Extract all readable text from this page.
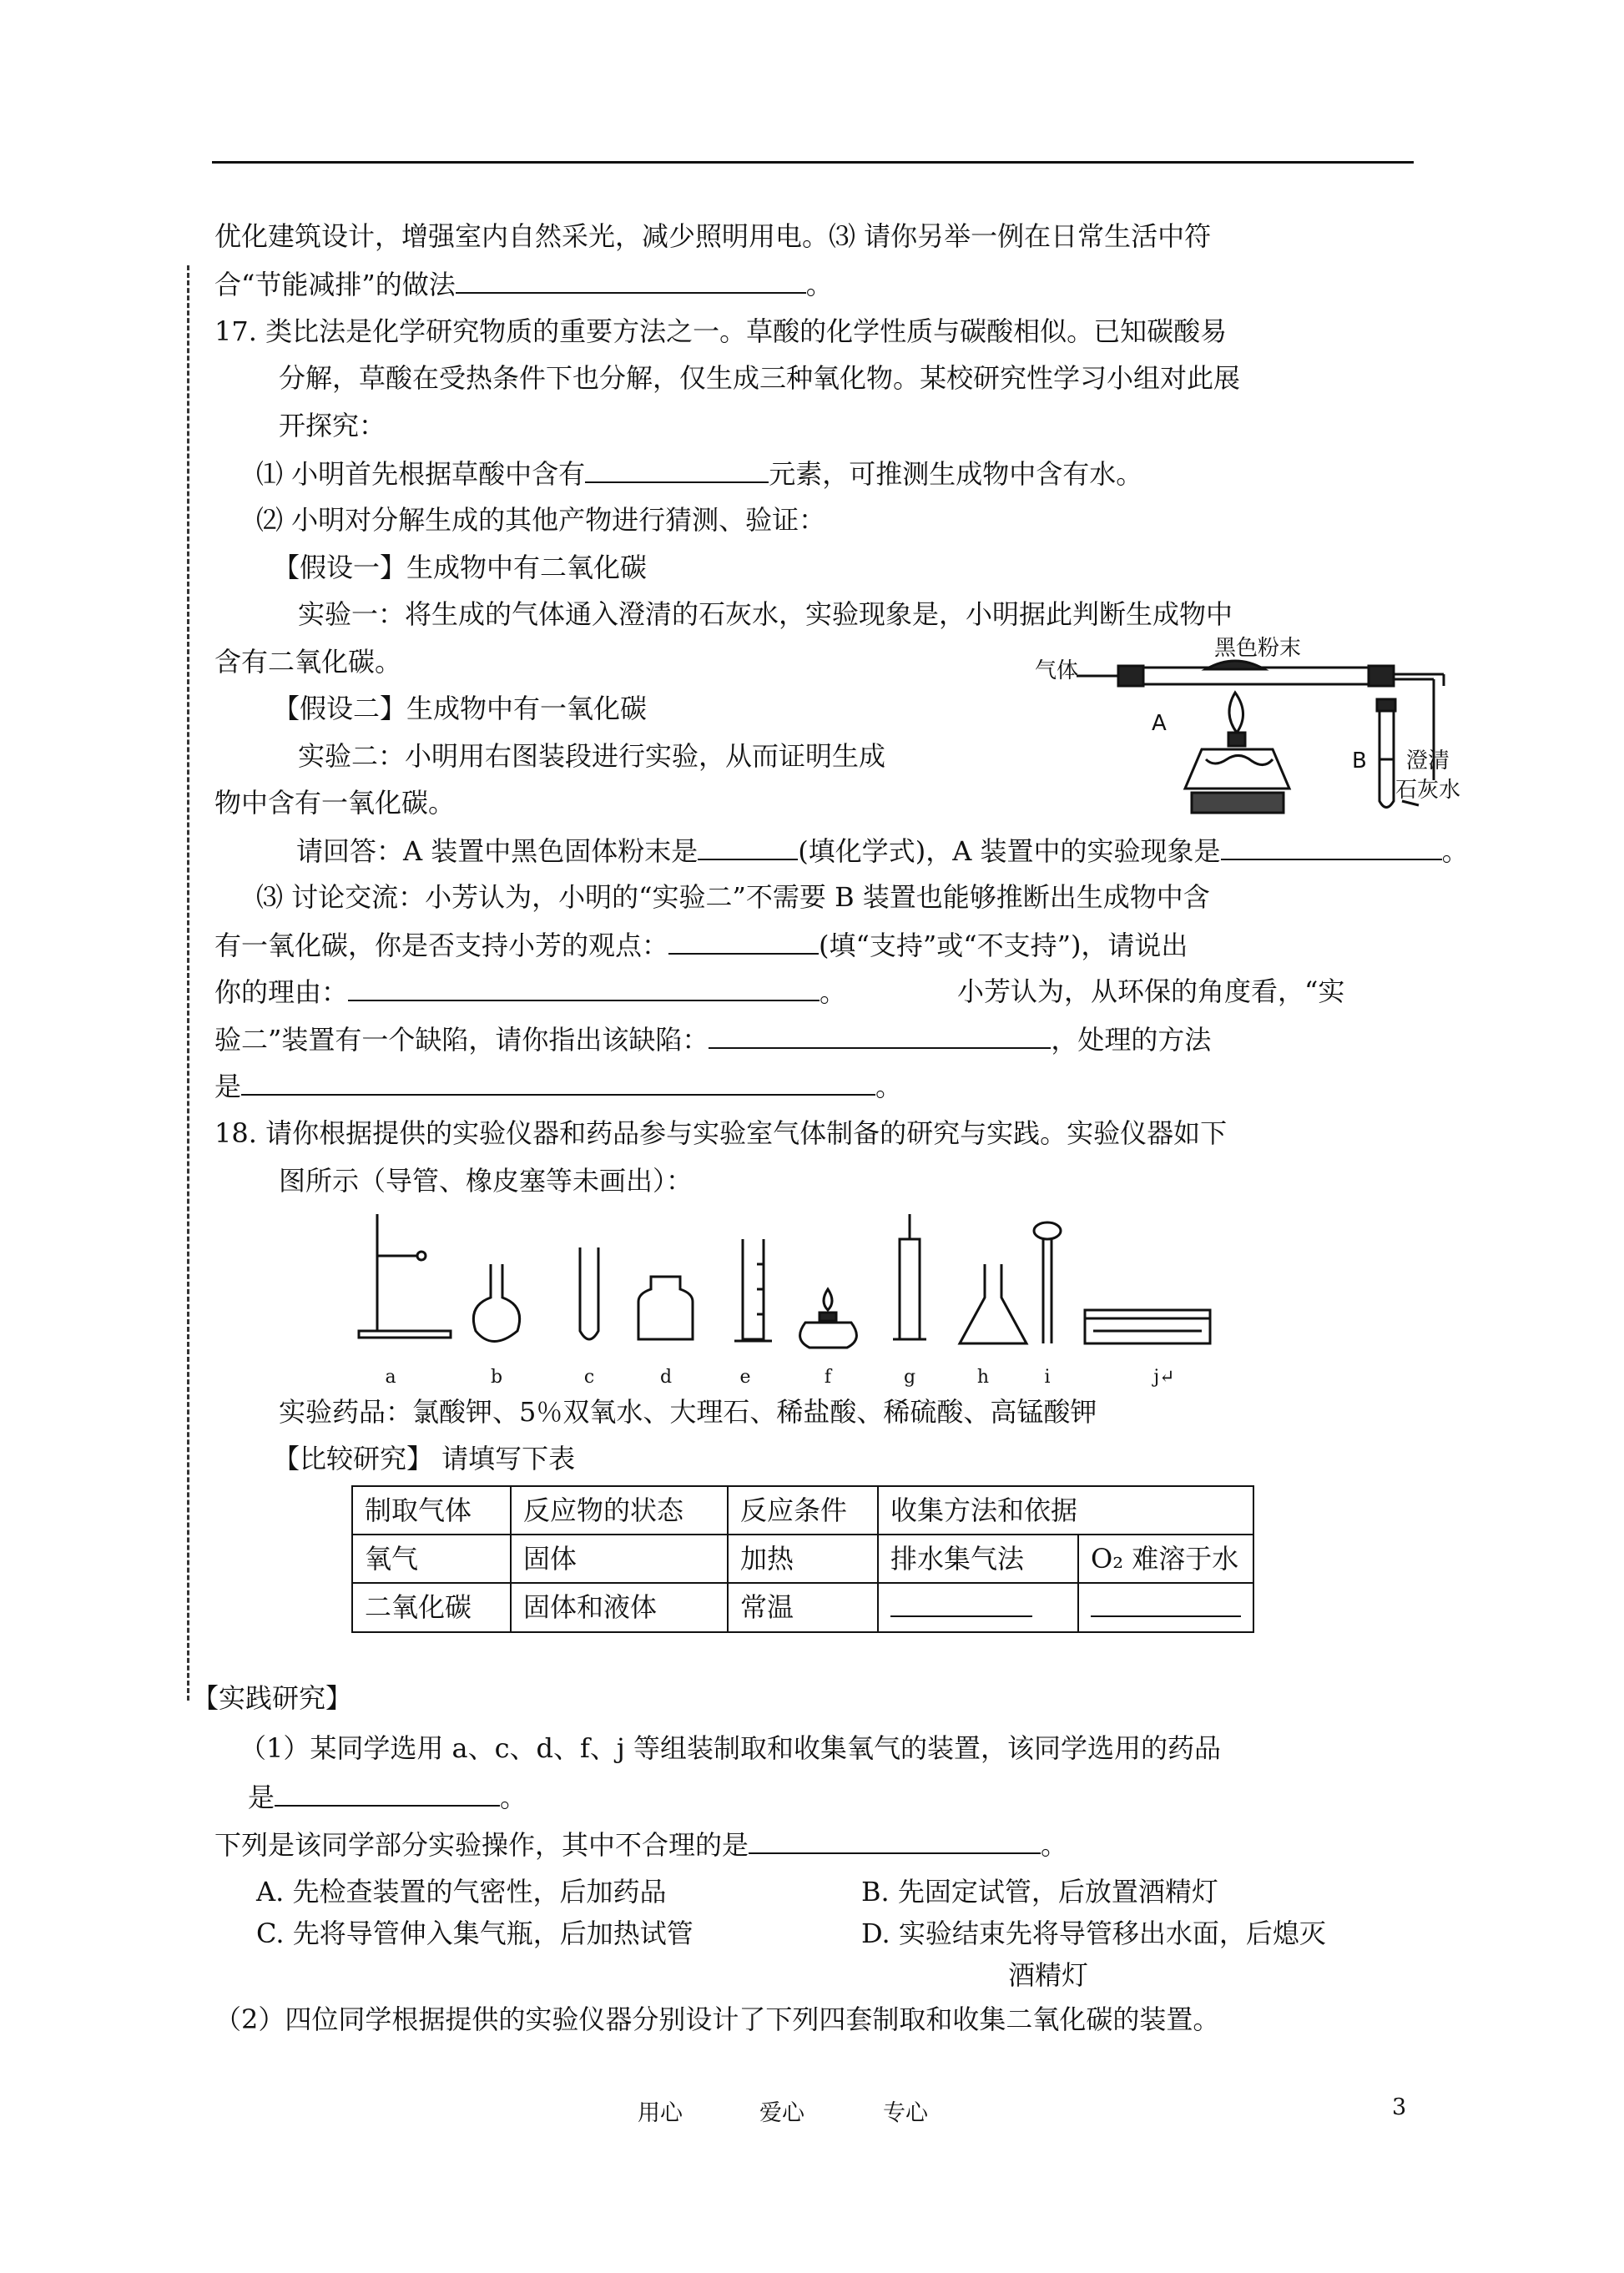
优化建筑设计，增强室内自然采光，减少照明用电。⑶ 请你另举一例在日常生活中符
合“节能减排”的做法	。
17. 类比法是化学研究物质的重要方法之一。草酸的化学性质与碳酸相似。已知碳酸易
分解，草酸在受热条件下也分解，仅生成三种氧化物。某校研究性学习小组对此展
开探究：
⑴ 小明首先根据草酸中含有	元素，可推测生成物中含有水。
⑵ 小明对分解生成的其他产物进行猜测、验证：
【假设一】生成物中有二氧化碳
实验一：将生成的气体通入澄清的石灰水，实验现象是，小明据此判断生成物中
含有二氧化碳。
【假设二】生成物中有一氧化碳
实验二：小明用右图装段进行实验，从而证明生成
物中含有一氧化碳。
气体
黑色粉末
A
B 澄清
石灰水
请回答：A 装置中黑色固体粉末是	(填化学式)，A 装置中的实验现象是	。
⑶ 讨论交流：小芳认为，小明的“实验二”不需要 B 装置也能够推断出生成物中含
有一氧化碳，你是否支持小芳的观点：	(填“支持”或“不支持”)，请说出
你的理由：	。	小芳认为，从环保的角度看，“实
验二”装置有一个缺陷，请你指出该缺陷：	，处理的方法
是	。
18. 请你根据提供的实验仪器和药品参与实验室气体制备的研究与实践。实验仪器如下
图所示（导管、橡皮塞等未画出）：
a	b	c	d	e	f	g	h	i	j↵
实验药品：氯酸钾、5％双氧水、大理石、稀盐酸、稀硫酸、高锰酸钾
【比较研究】 请填写下表
制取气体	反应物的状态	反应条件	收集方法和依据	
氧气	固体	加热	排水集气法	O₂ 难溶于水
二氧化碳	固体和液体	常温		
【实践研究】
（1）某同学选用 a、c、d、f、j 等组装制取和收集氧气的装置，该同学选用的药品
是	。
下列是该同学部分实验操作，其中不合理的是	。
A. 先检查装置的气密性，后加药品	B. 先固定试管，后放置酒精灯
C. 先将导管伸入集气瓶，后加热试管	D. 实验结束先将导管移出水面，后熄灭
酒精灯
（2）四位同学根据提供的实验仪器分别设计了下列四套制取和收集二氧化碳的装置。
用心	爱心	专心	3
